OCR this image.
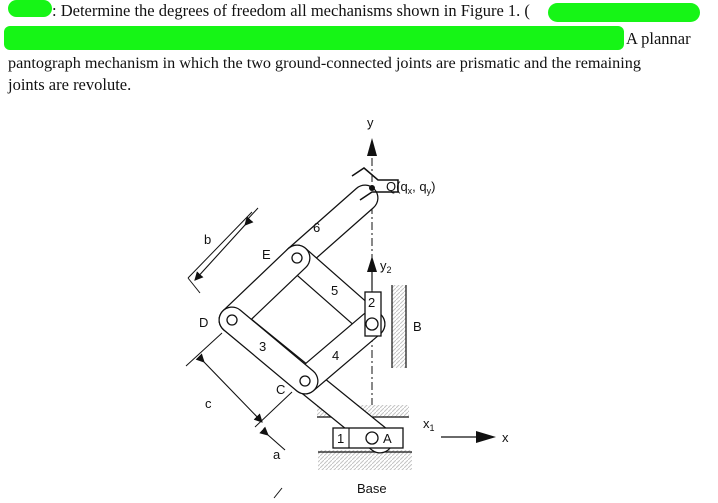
: Determine the degrees of freedom all mechanisms shown in Figure 1. (
A plannar
pantograph mechanism in which the two ground-connected joints are prismatic and the remaining
joints are revolute.
y
x
$Q(q_x$, $q_y$)
$y_2$
$x_1$
b
c
a
E
D
C
B
A
1
2
3
4
5
6
Base
